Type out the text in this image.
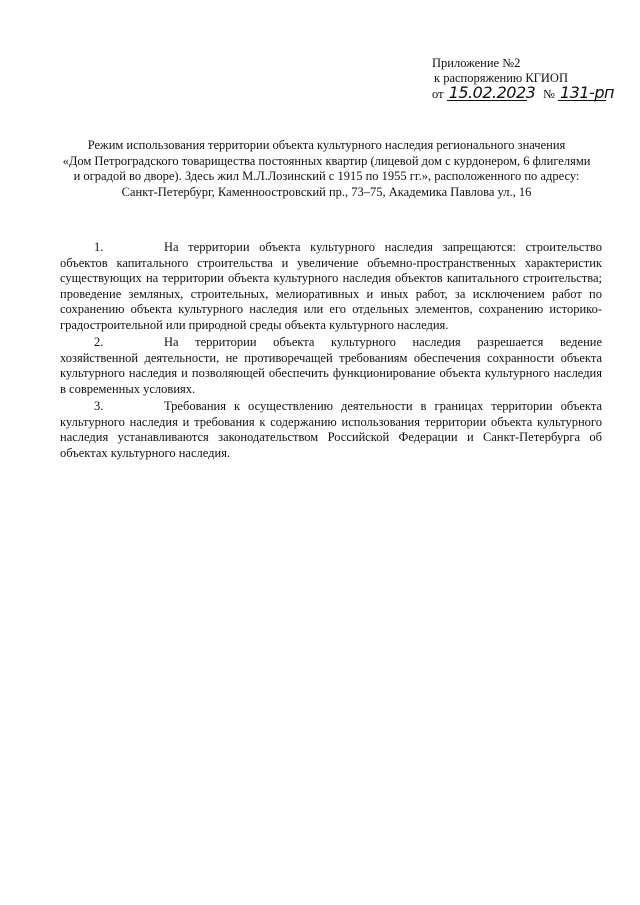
Приложение №2
к распоряжению КГИОП
от 15.02.2023 № 131-рп
Режим использования территории объекта культурного наследия регионального значения
«Дом Петроградского товарищества постоянных квартир (лицевой дом с курдонером, 6 флигелями
и оградой во дворе). Здесь жил М.Л.Лозинский с 1915 по 1955 гг.», расположенного по адресу:
Санкт-Петербург, Каменноостровский пр., 73–75, Академика Павлова ул., 16

1.	На территории объекта культурного наследия запрещаются: строительство объектов капитального строительства и увеличение объемно-пространственных характеристик существующих на территории объекта культурного наследия объектов капитального строительства; проведение земляных, строительных, мелиоративных и иных работ, за исключением работ по сохранению объекта культурного наследия или его отдельных элементов, сохранению историко-градостроительной или природной среды объекта культурного наследия.

2.	На территории объекта культурного наследия разрешается ведение хозяйственной деятельности, не противоречащей требованиям обеспечения сохранности объекта культурного наследия и позволяющей обеспечить функционирование объекта культурного наследия в современных условиях.

3.	Требования к осуществлению деятельности в границах территории объекта культурного наследия и требования к содержанию использования территории объекта культурного наследия устанавливаются законодательством Российской Федерации и Санкт-Петербурга об объектах культурного наследия.
